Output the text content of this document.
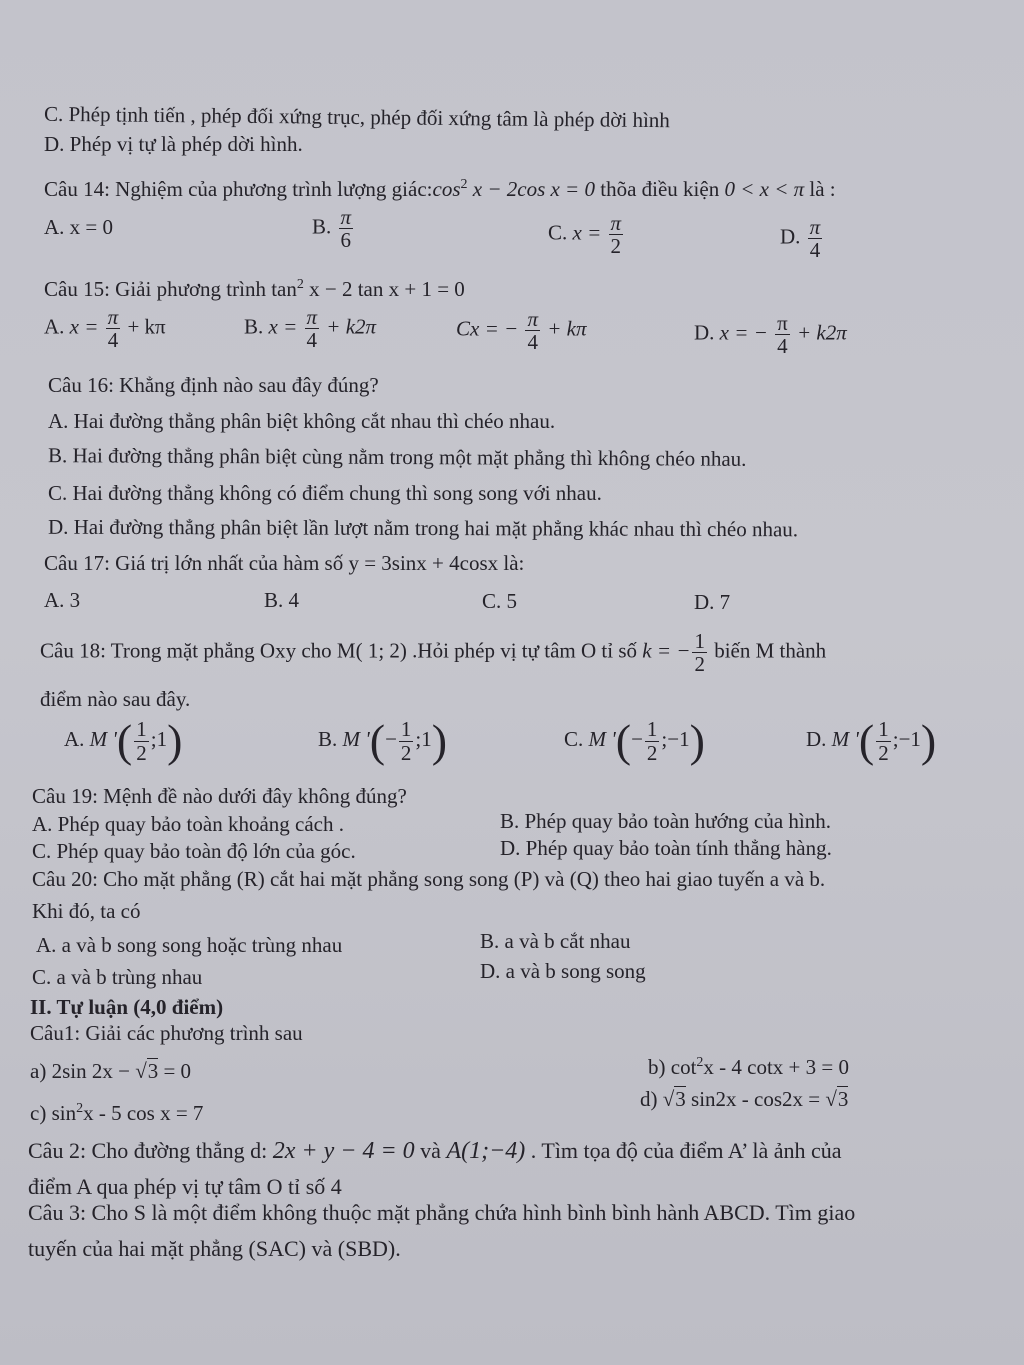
C. Phép tịnh tiến , phép đối xứng trục, phép đối xứng tâm là phép dời hình
D. Phép vị tự là phép dời hình.
Câu 14: Nghiệm của phương trình lượng $giác:\cos^2$ x − 2cos x = 0 thõa điều kiện 0 < x < π là :
A. x = 0	B. $\frac{\pi}{6}$	C. $x = \frac{\pi}{2}$	D. $\frac{\pi}{4}$
Câu 15: Giải phương trình $\tan^2 x - 2$ tan x + 1 = 0
A. $x = \frac{\pi}{4} + k\pi$	B. $x = \frac{\pi}{4} + k2\pi$	Cx = − $\frac{\pi}{4} + k\pi$	D. x = − $\frac{\pi}{4} + k2\pi$
Câu 16: Khẳng định nào sau đây đúng?
A. Hai đường thẳng phân biệt không cắt nhau thì chéo nhau.
B. Hai đường thẳng phân biệt cùng nằm trong một mặt phẳng thì không chéo nhau.
C. Hai đường thẳng không có điểm chung thì song song với nhau.
D. Hai đường thẳng phân biệt lần lượt nằm trong hai mặt phẳng khác nhau thì chéo nhau.
Câu 17: Giá trị lớn nhất của hàm số y = 3sinx + 4cosx là:
A. 3	B. 4	C. 5	D. 7
Câu 18: Trong mặt phẳng Oxy cho M( 1; 2) .Hỏi phép vị tự tâm O tỉ số k = − $\frac{1}{2}$ biến M thành
điểm nào sau đây.
A. M '( $\frac{1}{2}$ ;1)	B. M '(− $\frac{1}{2}$ ;1)	C. M '(− $\frac{1}{2}$ ;−1)	D. M '( $\frac{1}{2}$ ;−1)
Câu 19: Mệnh đề nào dưới đây không đúng?
A. Phép quay bảo toàn khoảng cách .	B. Phép quay bảo toàn hướng của hình.
C. Phép quay bảo toàn độ lớn của góc.	D. Phép quay bảo toàn tính thẳng hàng.
Câu 20: Cho mặt phẳng (R) cắt hai mặt phẳng song song (P) và (Q) theo hai giao tuyến a và b.
Khi đó, ta có
A. a và b song song hoặc trùng nhau	B. a và b cắt nhau
C. a và b trùng nhau	D. a và b song song
II. Tự luận (4,0 điểm)
Câu1: Giải các phương trình sau
a) 2sin 2x − √3 = 0	b) $\cot^2x - 4$ cotx + 3 = 0
c) $\sin^2x - 5$ cos x = 7
d) √3 sin2x - cos2x = √3
Câu 2: Cho đường thẳng d: 2x + y − 4 = 0 và A(1;−4) . Tìm tọa độ của điểm A’ là ảnh của
điểm A qua phép vị tự tâm O tỉ số 4
Câu 3: Cho S là một điểm không thuộc mặt phẳng chứa hình bình bình hành ABCD. Tìm giao
tuyến của hai mặt phẳng (SAC) và (SBD).
